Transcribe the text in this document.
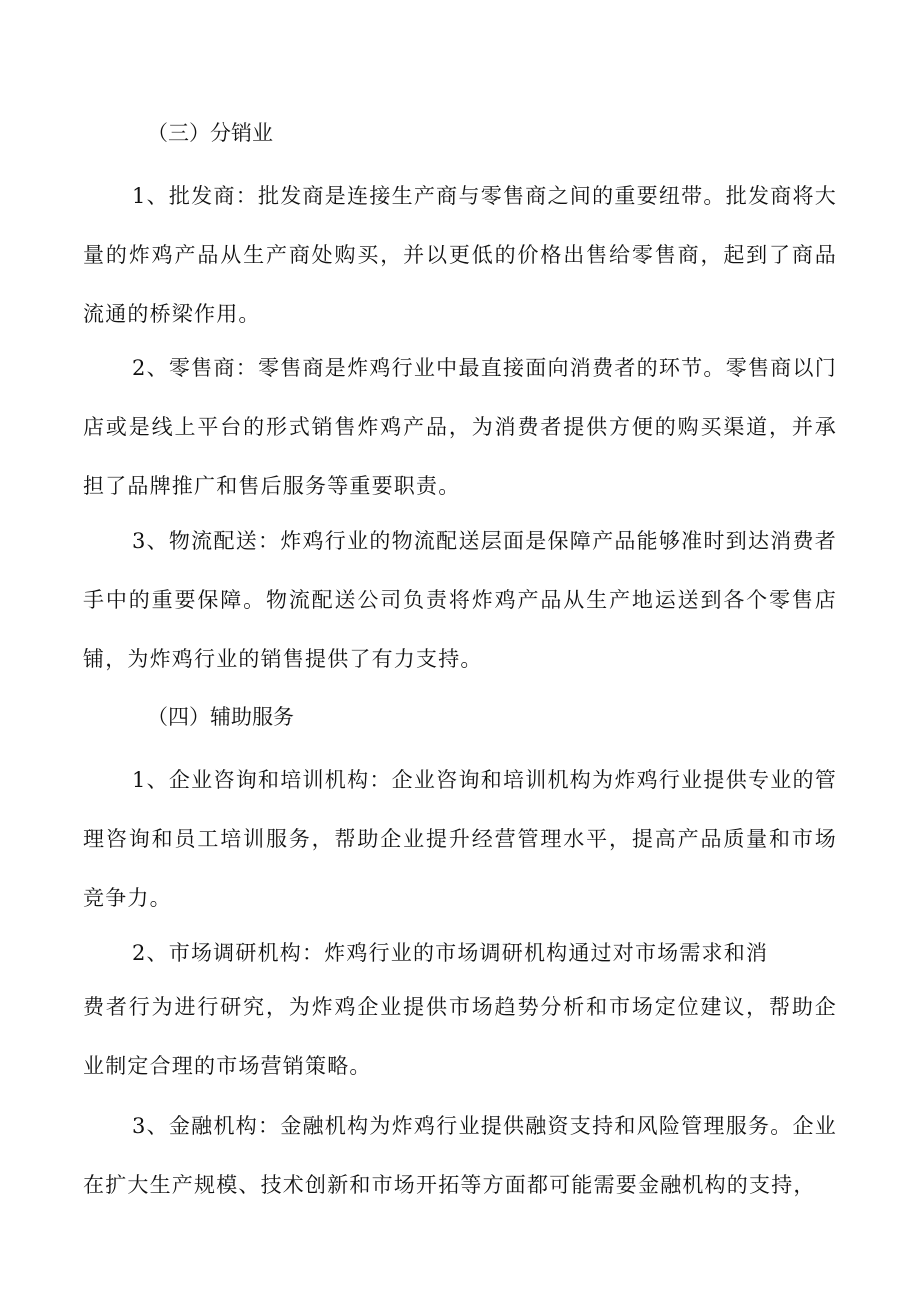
（三）分销业

1、批发商：批发商是连接生产商与零售商之间的重要纽带。批发商将大量的炸鸡产品从生产商处购买，并以更低的价格出售给零售商，起到了商品流通的桥梁作用。

2、零售商：零售商是炸鸡行业中最直接面向消费者的环节。零售商以门店或是线上平台的形式销售炸鸡产品，为消费者提供方便的购买渠道，并承担了品牌推广和售后服务等重要职责。

3、物流配送：炸鸡行业的物流配送层面是保障产品能够准时到达消费者手中的重要保障。物流配送公司负责将炸鸡产品从生产地运送到各个零售店铺，为炸鸡行业的销售提供了有力支持。

（四）辅助服务

1、企业咨询和培训机构：企业咨询和培训机构为炸鸡行业提供专业的管理咨询和员工培训服务，帮助企业提升经营管理水平，提高产品质量和市场竞争力。

2、市场调研机构：炸鸡行业的市场调研机构通过对市场需求和消

费者行为进行研究，为炸鸡企业提供市场趋势分析和市场定位建议，帮助企业制定合理的市场营销策略。

3、金融机构：金融机构为炸鸡行业提供融资支持和风险管理服务。企业在扩大生产规模、技术创新和市场开拓等方面都可能需要金融机构的支持，
